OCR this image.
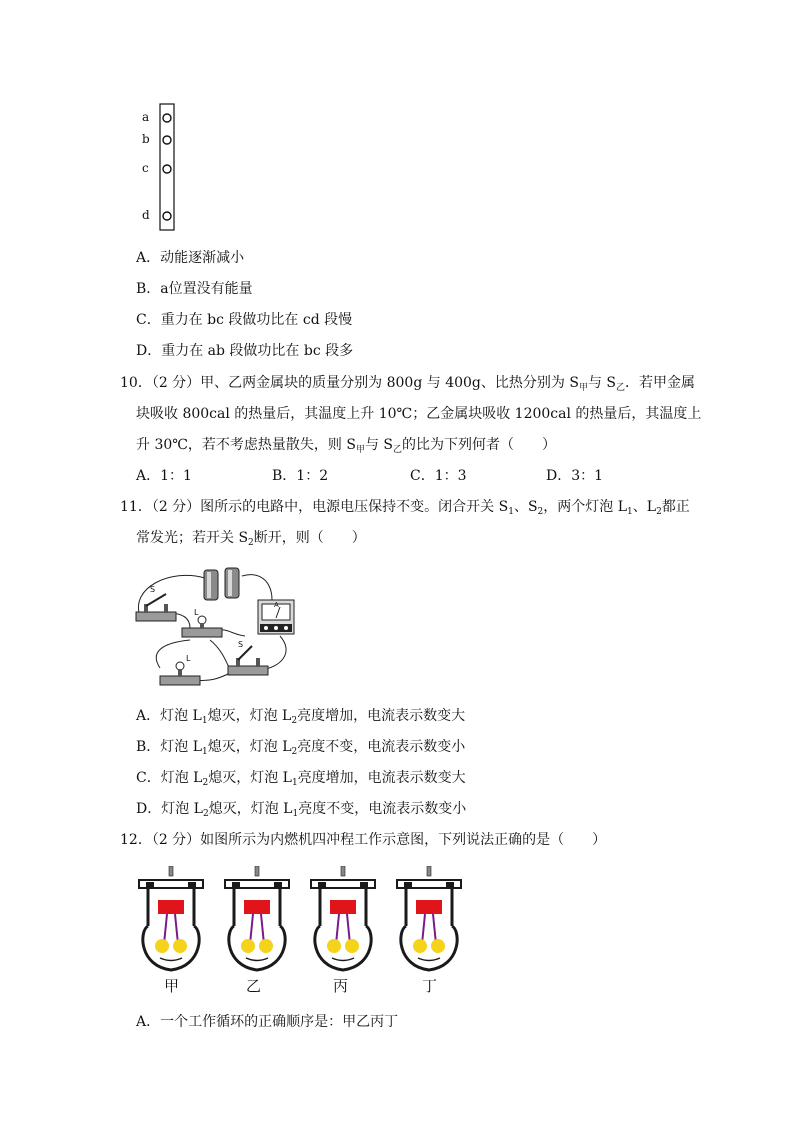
a
b
c
d
A．动能逐渐减小
B．a位置没有能量
C．重力在 bc 段做功比在 cd 段慢
D．重力在 ab 段做功比在 bc 段多
10．（2 分）甲、乙两金属块的质量分别为 800g 与 400g、比热分别为 $S_甲$与 $S_乙$．若甲金属
块吸收 800cal 的热量后，其温度上升 10℃；乙金属块吸收 1200cal 的热量后，其温度上
升 30℃，若不考虑热量散失，则 $S_甲$与 $S_乙$的比为下列何者（　　）
A．1：1	B．1：2	C．1：3	D．3：1
11．（2 分）图所示的电路中，电源电压保持不变。闭合开关 $S_1$、$S_2$，两个灯泡 $L_1$、$L_2$都正
常发光；若开关 $S_2$断开，则（　　）
S
L
L
S
A
A．灯泡 $L_1$熄灭，灯泡 $L_2$亮度增加，电流表示数变大
B．灯泡 $L_1$熄灭，灯泡 $L_2$亮度不变，电流表示数变小
C．灯泡 $L_2$熄灭，灯泡 $L_1$亮度增加，电流表示数变大
D．灯泡 $L_2$熄灭，灯泡 $L_1$亮度不变，电流表示数变小
12．（2 分）如图所示为内燃机四冲程工作示意图，下列说法正确的是（　　）
甲	乙	丙	丁
A．一个工作循环的正确顺序是：甲乙丙丁
